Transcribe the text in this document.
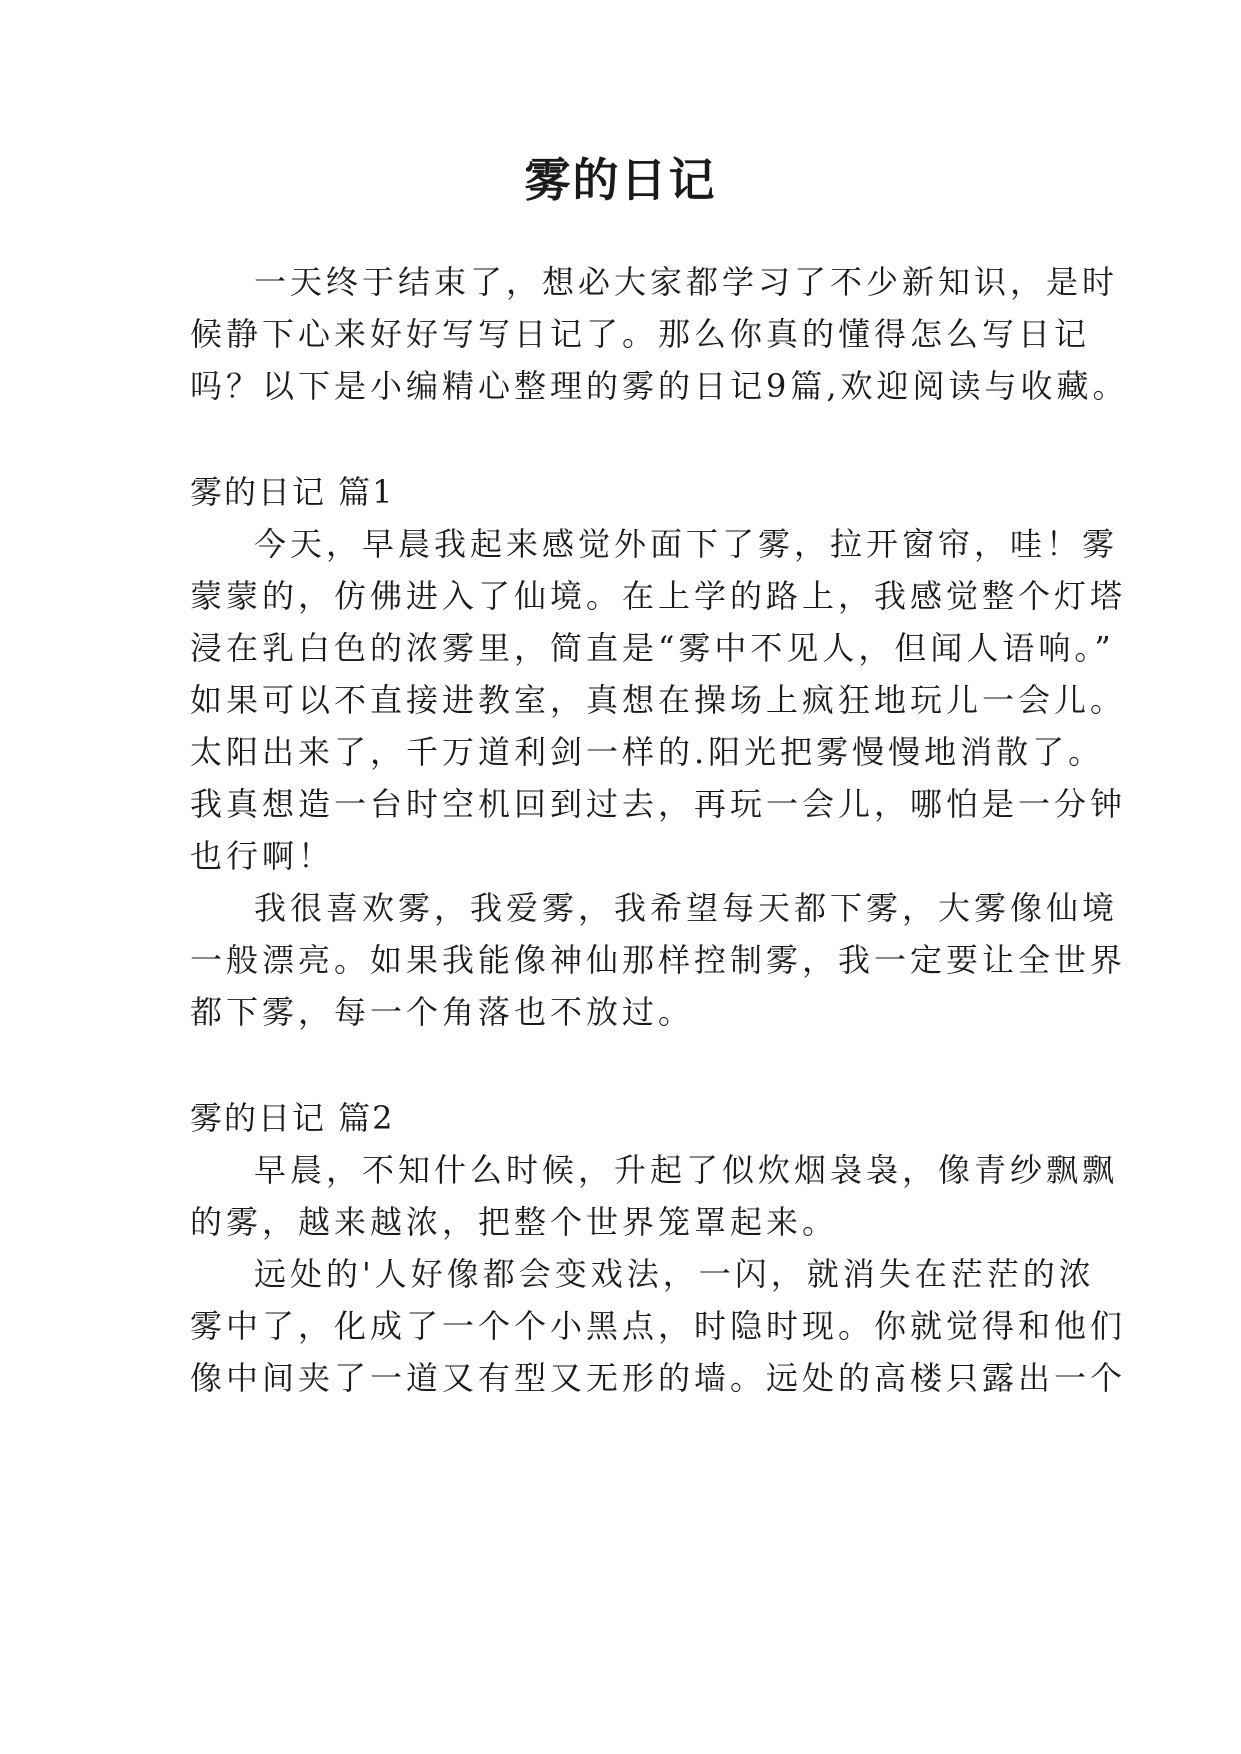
雾的日记

一天终于结束了，想必大家都学习了不少新知识，是时

候静下心来好好写写日记了。那么你真的懂得怎么写日记

吗？以下是小编精心整理的雾的日记9篇,欢迎阅读与收藏。

雾的日记 篇1

今天，早晨我起来感觉外面下了雾，拉开窗帘，哇！雾

蒙蒙的，仿佛进入了仙境。在上学的路上，我感觉整个灯塔

浸在乳白色的浓雾里，简直是“雾中不见人，但闻人语响。”

如果可以不直接进教室，真想在操场上疯狂地玩儿一会儿。

太阳出来了，千万道利剑一样的.阳光把雾慢慢地消散了。

我真想造一台时空机回到过去，再玩一会儿，哪怕是一分钟

也行啊！

我很喜欢雾，我爱雾，我希望每天都下雾，大雾像仙境

一般漂亮。如果我能像神仙那样控制雾，我一定要让全世界

都下雾，每一个角落也不放过。

雾的日记 篇2

早晨，不知什么时候，升起了似炊烟袅袅，像青纱飘飘

的雾，越来越浓，把整个世界笼罩起来。

远处的'人好像都会变戏法，一闪，就消失在茫茫的浓

雾中了，化成了一个个小黑点，时隐时现。你就觉得和他们

像中间夹了一道又有型又无形的墙。远处的高楼只露出一个
